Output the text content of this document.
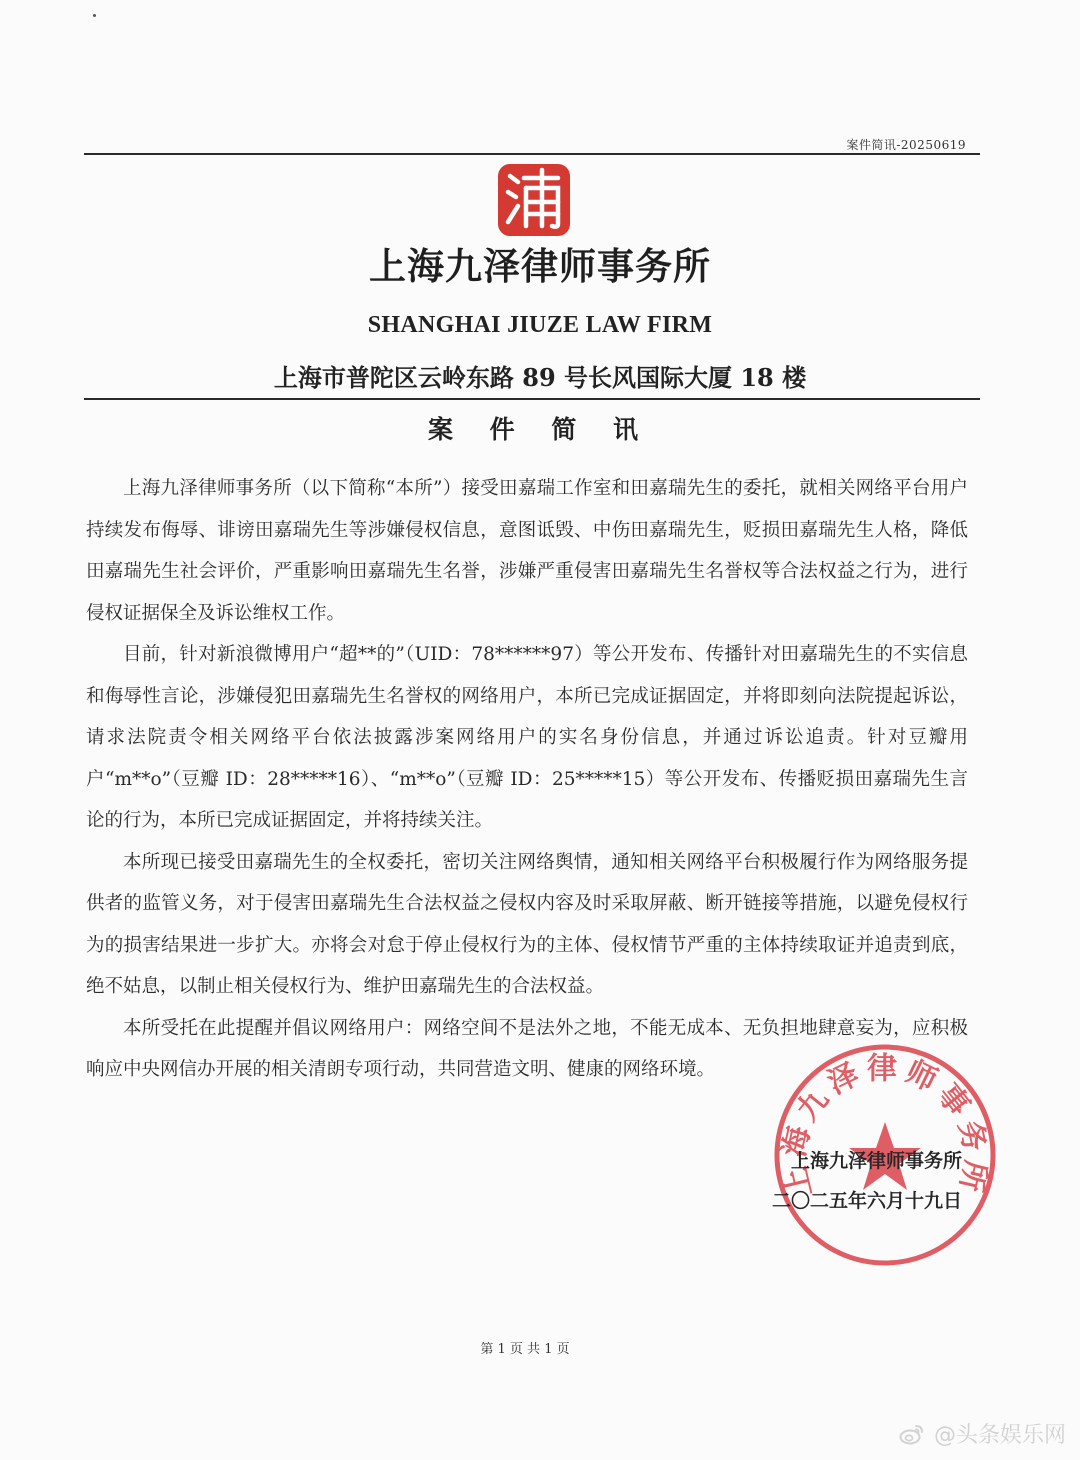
案件简讯-20250619
上海九泽律师事务所
SHANGHAI JIUZE LAW FIRM
上海市普陀区云岭东路 89 号长风国际大厦 18 楼
案 件 简 讯

上海九泽律师事务所（以下简称“本所”）接受田嘉瑞工作室和田嘉瑞先生的委托，就相关网络平台用户持续发布侮辱、诽谤田嘉瑞先生等涉嫌侵权信息，意图诋毁、中伤田嘉瑞先生，贬损田嘉瑞先生人格，降低田嘉瑞先生社会评价，严重影响田嘉瑞先生名誉，涉嫌严重侵害田嘉瑞先生名誉权等合法权益之行为，进行侵权证据保全及诉讼维权工作。

目前，针对新浪微博用户“超**的”（UID：78******97）等公开发布、传播针对田嘉瑞先生的不实信息和侮辱性言论，涉嫌侵犯田嘉瑞先生名誉权的网络用户，本所已完成证据固定，并将即刻向法院提起诉讼，请求法院责令相关网络平台依法披露涉案网络用户的实名身份信息，并通过诉讼追责。针对豆瓣用户“m**o”（豆瓣 ID：28*****16）、“m**o”（豆瓣 ID：25*****15）等公开发布、传播贬损田嘉瑞先生言论的行为，本所已完成证据固定，并将持续关注。

本所现已接受田嘉瑞先生的全权委托，密切关注网络舆情，通知相关网络平台积极履行作为网络服务提供者的监管义务，对于侵害田嘉瑞先生合法权益之侵权内容及时采取屏蔽、断开链接等措施，以避免侵权行为的损害结果进一步扩大。亦将会对怠于停止侵权行为的主体、侵权情节严重的主体持续取证并追责到底，绝不姑息，以制止相关侵权行为、维护田嘉瑞先生的合法权益。

本所受托在此提醒并倡议网络用户：网络空间不是法外之地，不能无成本、无负担地肆意妄为，应积极响应中央网信办开展的相关清朗专项行动，共同营造文明、健康的网络环境。

上海九泽律师事务所
上海九泽律师事务所
二〇二五年六月十九日
第 1 页 共 1 页
@头条娱乐网
